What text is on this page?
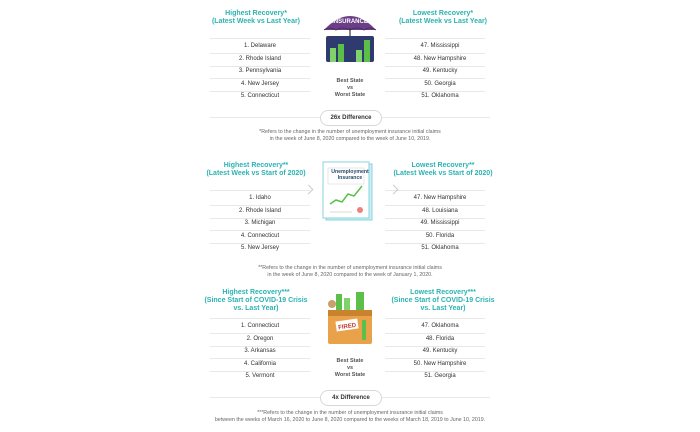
Highest Recovery*
(Latest Week vs Last Year)
Lowest Recovery*
(Latest Week vs Last Year)
INSURANCE
1. Delaware
2. Rhode Island
3. Pennsylvania
4. New Jersey
5. Connecticut
47. Mississippi
48. New Hampshire
49. Kentucky
50. Georgia
51. Oklahoma
Best State
vs
Worst State
26x Difference
*Refers to the change in the number of unemployment insurance initial claims
in the week of June 8, 2020 compared to the week of June 10, 2019.
Highest Recovery**
(Latest Week vs Start of 2020)
Lowest Recovery**
(Latest Week vs Start of 2020)
Unemployment
Insurance
1. Idaho
2. Rhode Island
3. Michigan
4. Connecticut
5. New Jersey
47. New Hampshire
48. Louisiana
49. Mississippi
50. Florida
51. Oklahoma
**Refers to the change in the number of unemployment insurance initial claims
in the week of June 8, 2020 compared to the week of January 1, 2020.
Highest Recovery***
(Since Start of COVID-19 Crisis
vs. Last Year)
Lowest Recovery***
(Since Start of COVID-19 Crisis
vs. Last Year)
FIRED
1. Connecticut
2. Oregon
3. Arkansas
4. California
5. Vermont
47. Oklahoma
48. Florida
49. Kentucky
50. New Hampshire
51. Georgia
Best State
vs
Worst State
4x Difference
***Refers to the change in the number of unemployment insurance initial claims
between the weeks of March 16, 2020 to June 8, 2020 compared to the weeks of March 18, 2019 to June 10, 2019.
